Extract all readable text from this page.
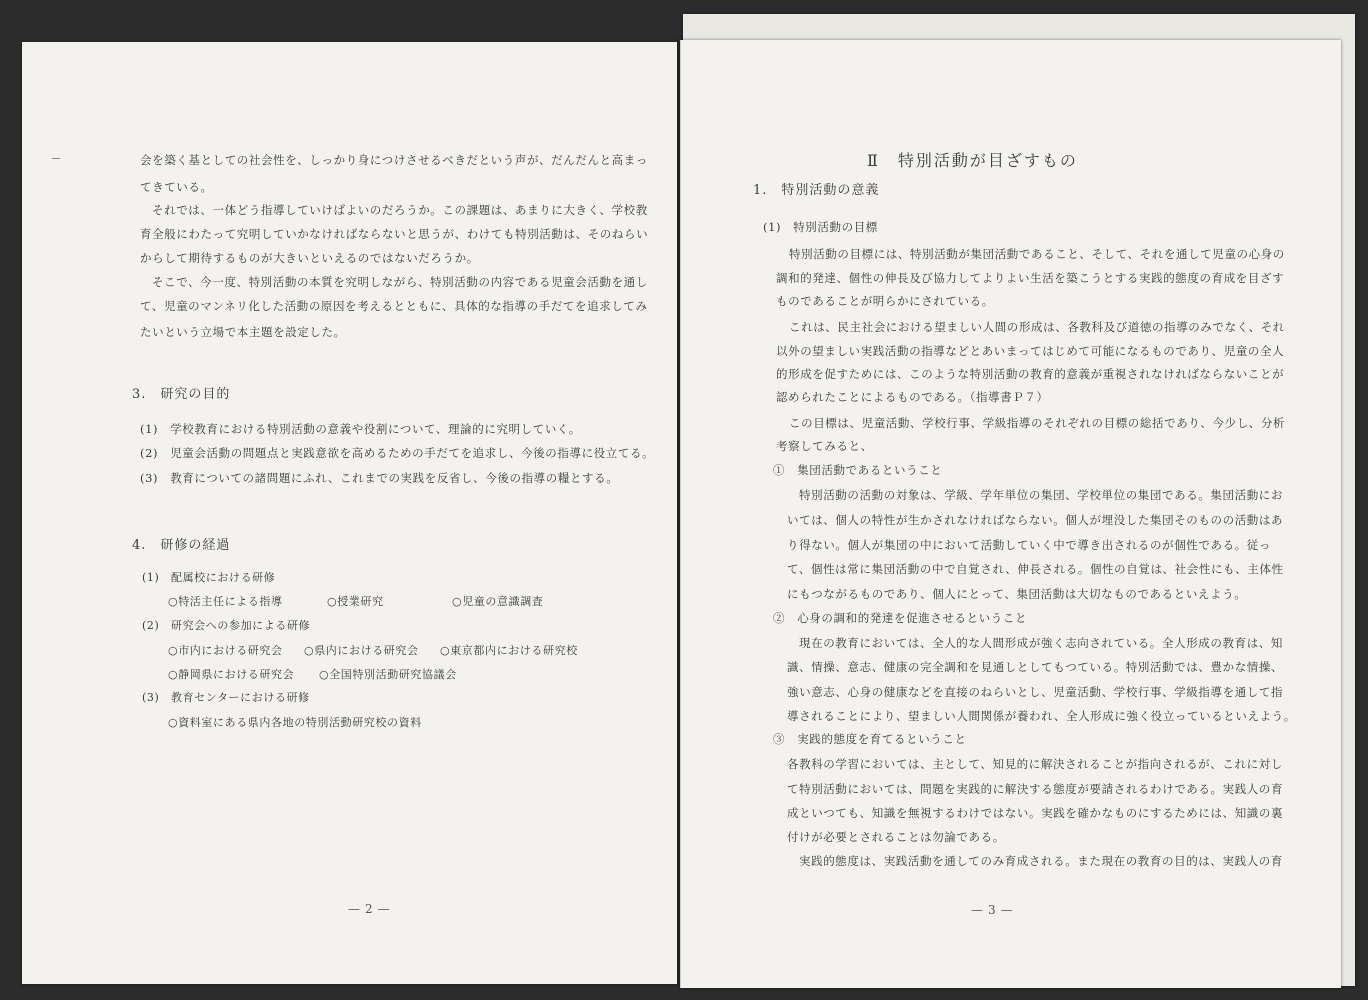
会を築く基としての社会性を、しっかり身につけさせるべきだという声が、だんだんと高まっ
てきている。
それでは、一体どう指導していけばよいのだろうか。この課題は、あまりに大きく、学校教
育全般にわたって究明していかなければならないと思うが、わけても特別活動は、そのねらい
からして期待するものが大きいといえるのではないだろうか。
そこで、今一度、特別活動の本質を究明しながら、特別活動の内容である児童会活動を通し
て、児童のマンネリ化した活動の原因を考えるとともに、具体的な指導の手だてを追求してみ
たいという立場で本主題を設定した。
3.　研究の目的
(1)　学校教育における特別活動の意義や役割について、理論的に究明していく。
(2)　児童会活動の問題点と実践意欲を高めるための手だてを追求し、今後の指導に役立てる。
(3)　教育についての諸問題にふれ、これまでの実践を反省し、今後の指導の糧とする。
4.　研修の経過
(1)　配属校における研修
○特活主任による指導	○授業研究	○児童の意識調査
(2)　研究会への参加による研修
○市内における研究会 ○県内における研究会 ○東京都内における研究校
○静岡県における研究会 ○全国特別活動研究協議会
(3)　教育センターにおける研修
○資料室にある県内各地の特別活動研究校の資料
— 2 —
Ⅱ　特別活動が目ざすもの
1.　特別活動の意義
(1)　特別活動の目標
特別活動の目標には、特別活動が集団活動であること、そして、それを通して児童の心身の
調和的発達、個性の伸長及び協力してよりよい生活を築こうとする実践的態度の育成を目ざす
ものであることが明らかにされている。
これは、民主社会における望ましい人間の形成は、各教科及び道徳の指導のみでなく、それ
以外の望ましい実践活動の指導などとあいまってはじめて可能になるものであり、児童の全人
的形成を促すためには、このような特別活動の教育的意義が重視されなければならないことが
認められたことによるものである。（指導書Ｐ７）
この目標は、児童活動、学校行事、学級指導のそれぞれの目標の総括であり、今少し、分析
考察してみると、
①　集団活動であるということ
特別活動の活動の対象は、学級、学年単位の集団、学校単位の集団である。集団活動にお
いては、個人の特性が生かされなければならない。個人が埋没した集団そのものの活動はあ
り得ない。個人が集団の中において活動していく中で導き出されるのが個性である。従っ
て、個性は常に集団活動の中で自覚され、伸長される。個性の自覚は、社会性にも、主体性
にもつながるものであり、個人にとって、集団活動は大切なものであるといえよう。
②　心身の調和的発達を促進させるということ
現在の教育においては、全人的な人間形成が強く志向されている。全人形成の教育は、知
識、情操、意志、健康の完全調和を見通しとしてもつている。特別活動では、豊かな情操、
強い意志、心身の健康などを直接のねらいとし、児童活動、学校行事、学級指導を通して指
導されることにより、望ましい人間関係が養われ、全人形成に強く役立っているといえよう。
③　実践的態度を育てるということ
各教科の学習においては、主として、知見的に解決されることが指向されるが、これに対し
て特別活動においては、問題を実践的に解決する態度が要請されるわけである。実践人の育
成といつても、知識を無視するわけではない。実践を確かなものにするためには、知識の裏
付けが必要とされることは勿論である。
実践的態度は、実践活動を通してのみ育成される。また現在の教育の目的は、実践人の育
— 3 —
